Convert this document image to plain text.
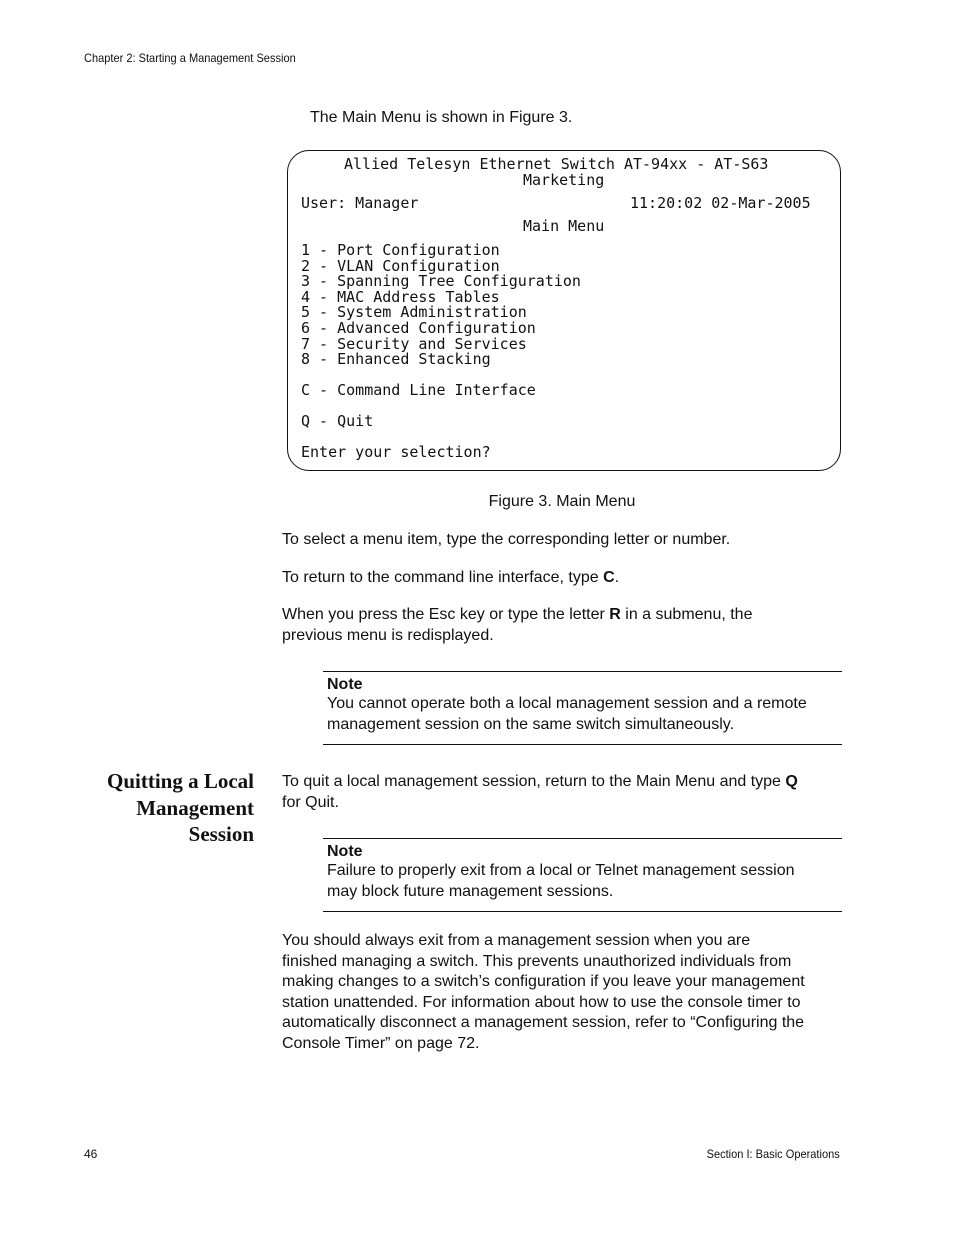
Chapter 2: Starting a Management Session
The Main Menu is shown in Figure 3.
Allied Telesyn Ethernet Switch AT-94xx - AT-S63
Marketing
User: Manager	11:20:02 02-Mar-2005
Main Menu
1 - Port Configuration
2 - VLAN Configuration
3 - Spanning Tree Configuration
4 - MAC Address Tables
5 - System Administration
6 - Advanced Configuration
7 - Security and Services
8 - Enhanced Stacking
C - Command Line Interface
Q - Quit
Enter your selection?
Figure 3. Main Menu
To select a menu item, type the corresponding letter or number.
To return to the command line interface, type C.
When you press the Esc key or type the letter R in a submenu, the
previous menu is redisplayed.
Note
You cannot operate both a local management session and a remote
management session on the same switch simultaneously.
Quitting a Local
Management
Session
To quit a local management session, return to the Main Menu and type Q
for Quit.
Note
Failure to properly exit from a local or Telnet management session
may block future management sessions.
You should always exit from a management session when you are
finished managing a switch. This prevents unauthorized individuals from
making changes to a switch’s configuration if you leave your management
station unattended. For information about how to use the console timer to
automatically disconnect a management session, refer to “Configuring the
Console Timer” on page 72.
46	Section I: Basic Operations
